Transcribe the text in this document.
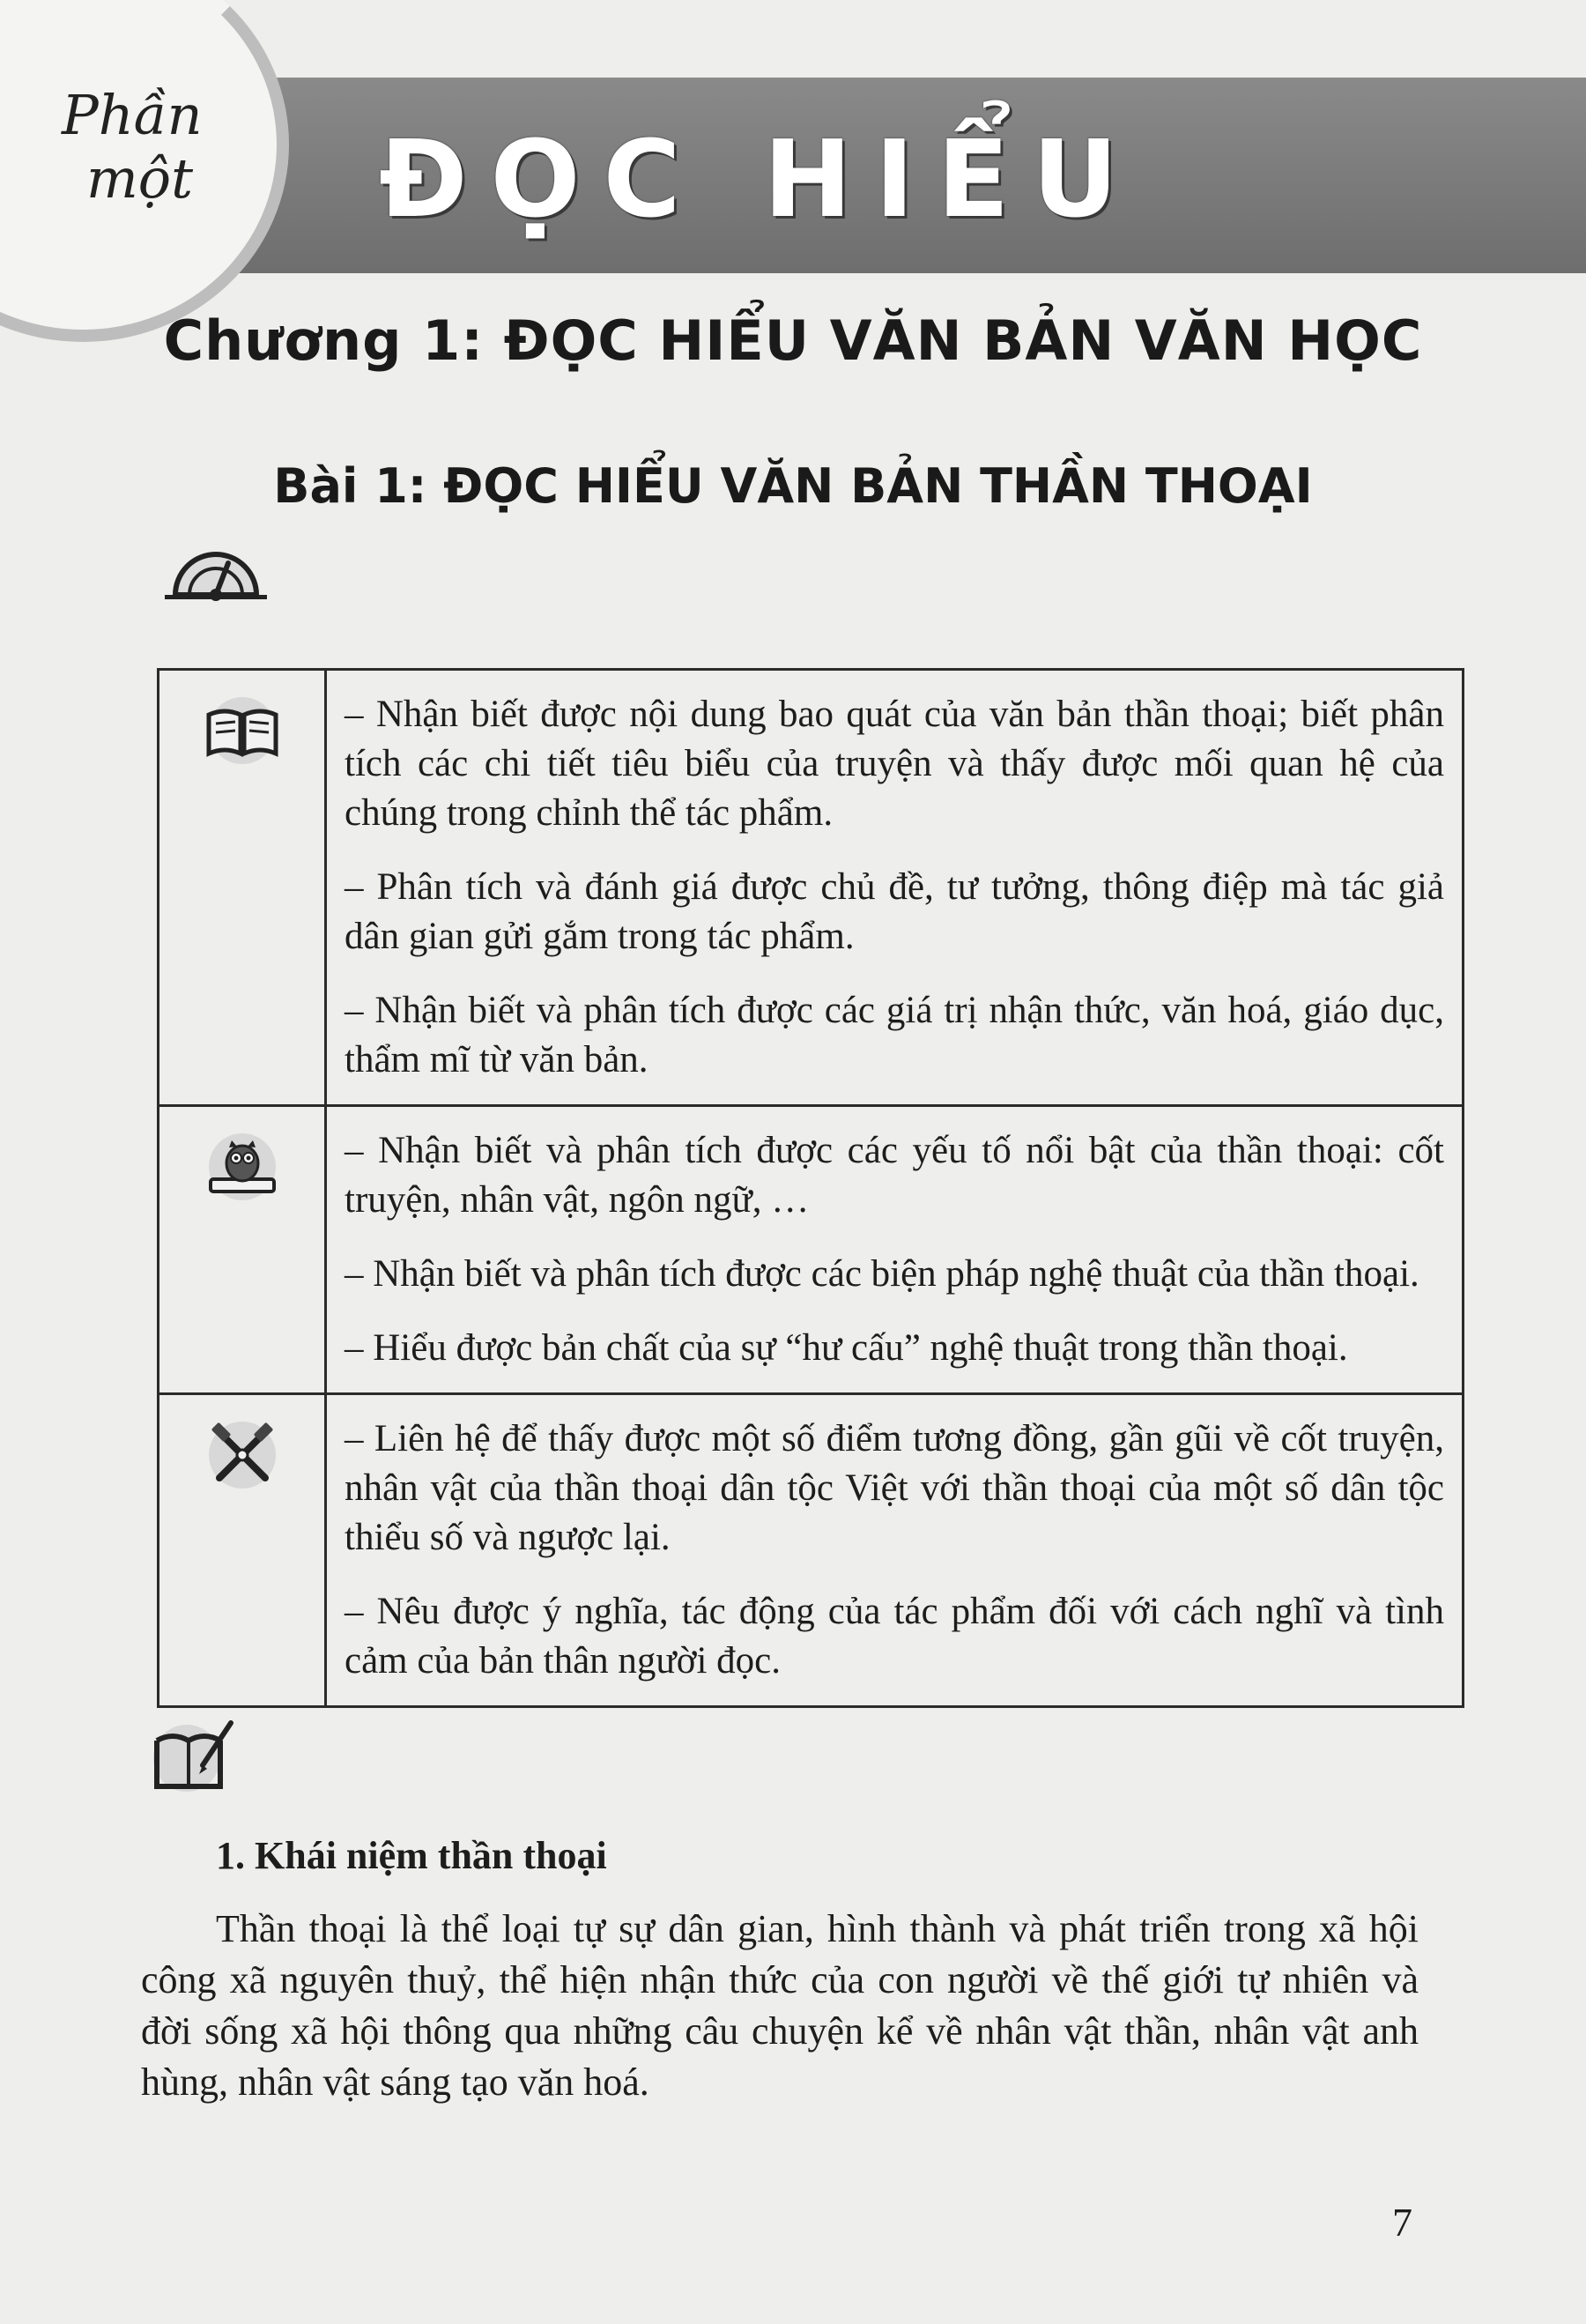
Phần
một ĐỌC HIỂU
Chương 1: ĐỌC HIỂU VĂN BẢN VĂN HỌC
Bài 1: ĐỌC HIỂU VĂN BẢN THẦN THOẠI

– Nhận biết được nội dung bao quát của văn bản thần thoại; biết phân tích các chi tiết tiêu biểu của truyện và thấy được mối quan hệ của chúng trong chỉnh thể tác phẩm.

– Phân tích và đánh giá được chủ đề, tư tưởng, thông điệp mà tác giả dân gian gửi gắm trong tác phẩm.

– Nhận biết và phân tích được các giá trị nhận thức, văn hoá, giáo dục, thẩm mĩ từ văn bản.

– Nhận biết và phân tích được các yếu tố nổi bật của thần thoại: cốt truyện, nhân vật, ngôn ngữ, …

– Nhận biết và phân tích được các biện pháp nghệ thuật của thần thoại.

– Hiểu được bản chất của sự “hư cấu” nghệ thuật trong thần thoại.

– Liên hệ để thấy được một số điểm tương đồng, gần gũi về cốt truyện, nhân vật của thần thoại dân tộc Việt với thần thoại của một số dân tộc thiểu số và ngược lại.

– Nêu được ý nghĩa, tác động của tác phẩm đối với cách nghĩ và tình cảm của bản thân người đọc.

1. Khái niệm thần thoại

Thần thoại là thể loại tự sự dân gian, hình thành và phát triển trong xã hội công xã nguyên thuỷ, thể hiện nhận thức của con người về thế giới tự nhiên và đời sống xã hội thông qua những câu chuyện kể về nhân vật thần, nhân vật anh hùng, nhân vật sáng tạo văn hoá.

7
